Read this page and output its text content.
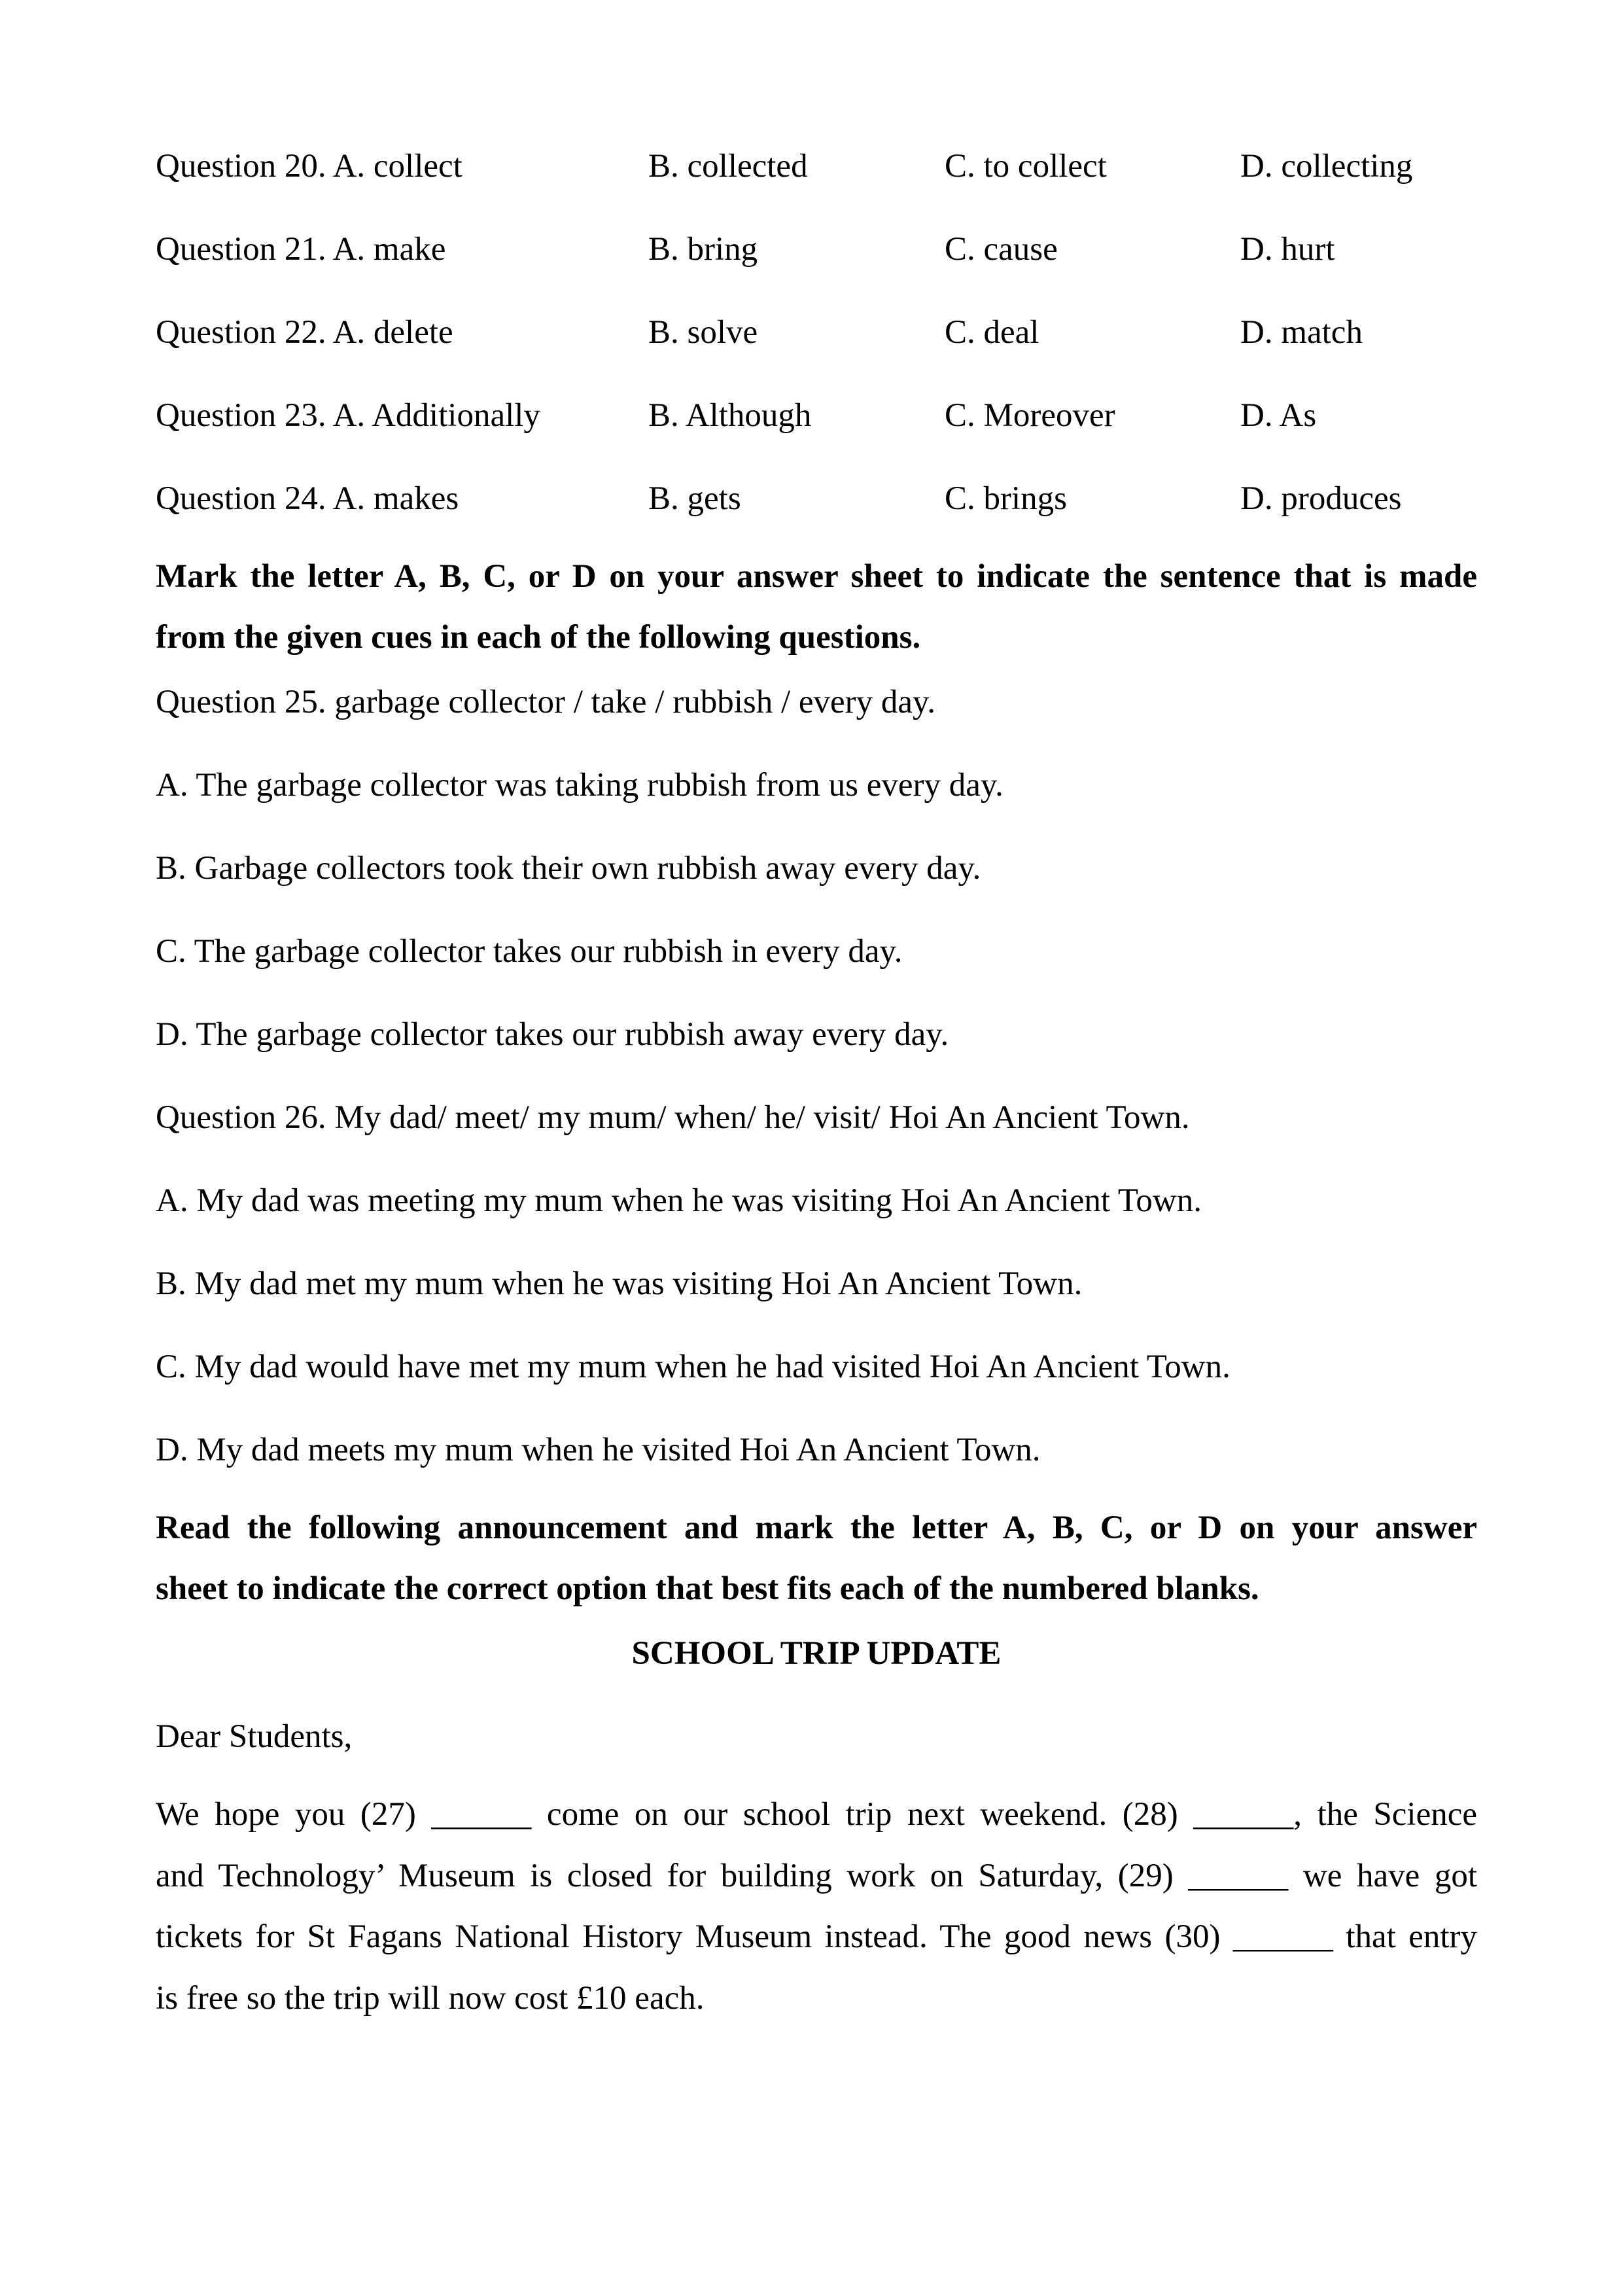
Question 20. A. collect	B. collected	C. to collect	D. collecting
Question 21. A. make	B. bring	C. cause	D. hurt
Question 22. A. delete	B. solve	C. deal	D. match
Question 23. A. Additionally	B. Although	C. Moreover	D. As
Question 24. A. makes	B. gets	C. brings	D. produces
Mark the letter A, B, C, or D on your answer sheet to indicate the sentence that is made
from the given cues in each of the following questions.
Question 25. garbage collector / take / rubbish / every day.
A. The garbage collector was taking rubbish from us every day.
B. Garbage collectors took their own rubbish away every day.
C. The garbage collector takes our rubbish in every day.
D. The garbage collector takes our rubbish away every day.
Question 26. My dad/ meet/ my mum/ when/ he/ visit/ Hoi An Ancient Town.
A. My dad was meeting my mum when he was visiting Hoi An Ancient Town.
B. My dad met my mum when he was visiting Hoi An Ancient Town.
C. My dad would have met my mum when he had visited Hoi An Ancient Town.
D. My dad meets my mum when he visited Hoi An Ancient Town.
Read the following announcement and mark the letter A, B, C, or D on your answer
sheet to indicate the correct option that best fits each of the numbered blanks.
SCHOOL TRIP UPDATE
Dear Students,
We hope you (27) ______ come on our school trip next weekend. (28) ______, the Science
and Technology’ Museum is closed for building work on Saturday, (29) ______ we have got
tickets for St Fagans National History Museum instead. The good news (30) ______ that entry
is free so the trip will now cost £10 each.
